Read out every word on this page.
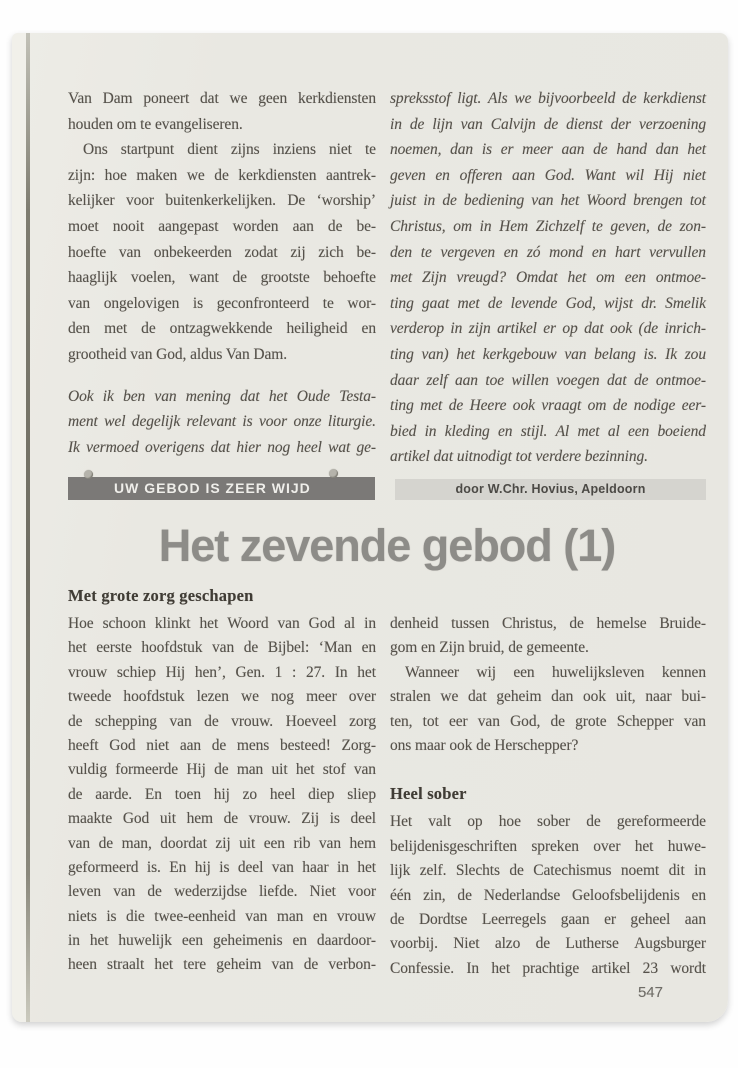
Van Dam poneert dat we geen kerkdiensten
houden om te evangeliseren.
Ons startpunt dient zijns inziens niet te
zijn: hoe maken we de kerkdiensten aantrek-
kelijker voor buitenkerkelijken. De ‘worship’
moet nooit aangepast worden aan de be-
hoefte van onbekeerden zodat zij zich be-
haaglijk voelen, want de grootste behoefte
van ongelovigen is geconfronteerd te wor-
den met de ontzagwekkende heiligheid en
grootheid van God, aldus Van Dam.
Ook ik ben van mening dat het Oude Testa-
ment wel degelijk relevant is voor onze liturgie.
Ik vermoed overigens dat hier nog heel wat ge-
spreksstof ligt. Als we bijvoorbeeld de kerkdienst
in de lijn van Calvijn de dienst der verzoening
noemen, dan is er meer aan de hand dan het
geven en offeren aan God. Want wil Hij niet
juist in de bediening van het Woord brengen tot
Christus, om in Hem Zichzelf te geven, de zon-
den te vergeven en zó mond en hart vervullen
met Zijn vreugd? Omdat het om een ontmoe-
ting gaat met de levende God, wijst dr. Smelik
verderop in zijn artikel er op dat ook (de inrich-
ting van) het kerkgebouw van belang is. Ik zou
daar zelf aan toe willen voegen dat de ontmoe-
ting met de Heere ook vraagt om de nodige eer-
bied in kleding en stijl. Al met al een boeiend
artikel dat uitnodigt tot verdere bezinning.
UW GEBOD IS ZEER WIJD	door W.Chr. Hovius, Apeldoorn
Het zevende gebod (1)
Met grote zorg geschapen
Hoe schoon klinkt het Woord van God al in
het eerste hoofdstuk van de Bijbel: ‘Man en
vrouw schiep Hij hen’, Gen. 1 : 27. In het
tweede hoofdstuk lezen we nog meer over
de schepping van de vrouw. Hoeveel zorg
heeft God niet aan de mens besteed! Zorg-
vuldig formeerde Hij de man uit het stof van
de aarde. En toen hij zo heel diep sliep
maakte God uit hem de vrouw. Zij is deel
van de man, doordat zij uit een rib van hem
geformeerd is. En hij is deel van haar in het
leven van de wederzijdse liefde. Niet voor
niets is die twee-eenheid van man en vrouw
in het huwelijk een geheimenis en daardoor-
heen straalt het tere geheim van de verbon-
denheid tussen Christus, de hemelse Bruide-
gom en Zijn bruid, de gemeente.
Wanneer wij een huwelijksleven kennen
stralen we dat geheim dan ook uit, naar bui-
ten, tot eer van God, de grote Schepper van
ons maar ook de Herschepper?
Heel sober
Het valt op hoe sober de gereformeerde
belijdenisgeschriften spreken over het huwe-
lijk zelf. Slechts de Catechismus noemt dit in
één zin, de Nederlandse Geloofsbelijdenis en
de Dordtse Leerregels gaan er geheel aan
voorbij. Niet alzo de Lutherse Augsburger
Confessie. In het prachtige artikel 23 wordt
547
